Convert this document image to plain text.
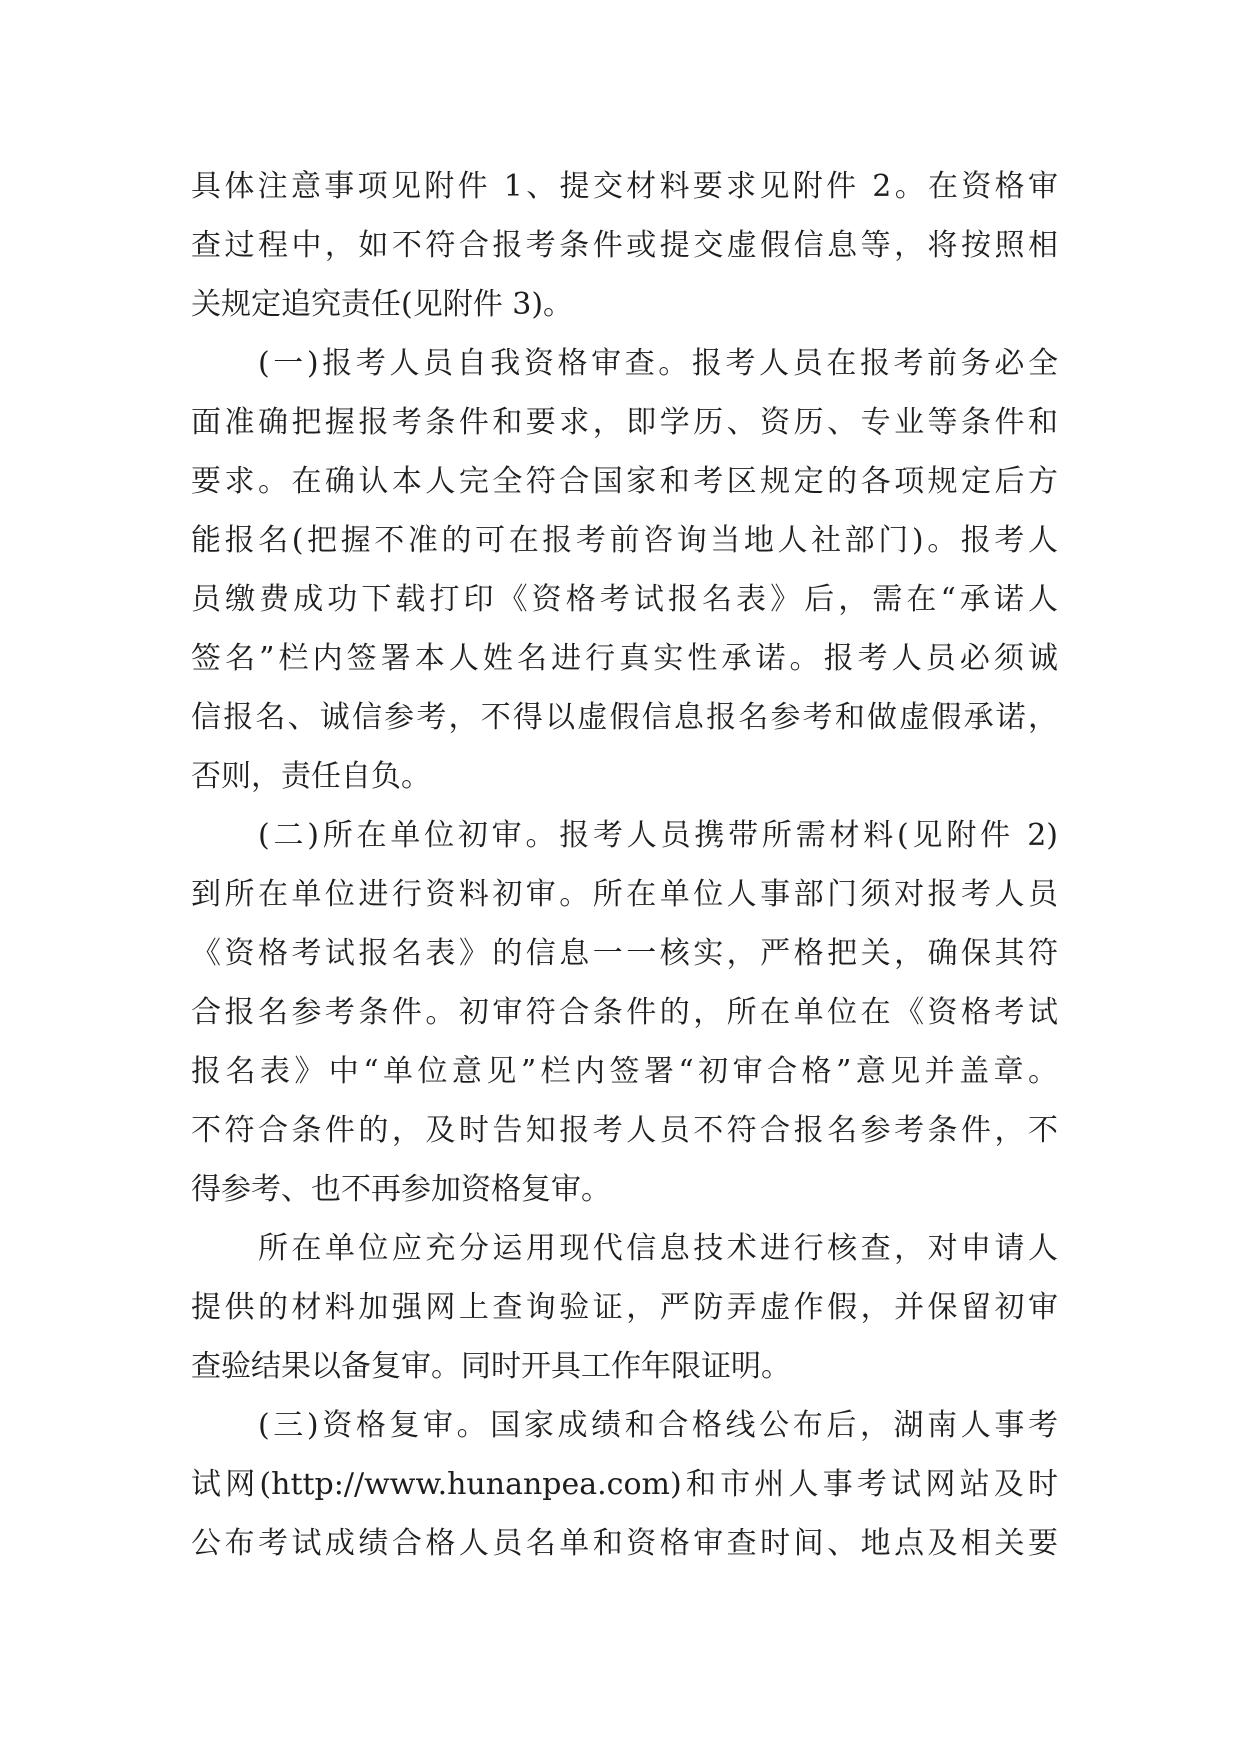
具体注意事项见附件 1、提交材料要求见附件 2。在资格审
查过程中，如不符合报考条件或提交虚假信息等，将按照相
关规定追究责任(见附件 3)。
(一)报考人员自我资格审查。报考人员在报考前务必全
面准确把握报考条件和要求，即学历、资历、专业等条件和
要求。在确认本人完全符合国家和考区规定的各项规定后方
能报名(把握不准的可在报考前咨询当地人社部门)。报考人
员缴费成功下载打印《资格考试报名表》后，需在“承诺人
签名”栏内签署本人姓名进行真实性承诺。报考人员必须诚
信报名、诚信参考，不得以虚假信息报名参考和做虚假承诺，
否则，责任自负。
(二)所在单位初审。报考人员携带所需材料(见附件 2)
到所在单位进行资料初审。所在单位人事部门须对报考人员
《资格考试报名表》的信息一一核实，严格把关，确保其符
合报名参考条件。初审符合条件的，所在单位在《资格考试
报名表》中“单位意见”栏内签署“初审合格”意见并盖章。
不符合条件的，及时告知报考人员不符合报名参考条件，不
得参考、也不再参加资格复审。
所在单位应充分运用现代信息技术进行核查，对申请人
提供的材料加强网上查询验证，严防弄虚作假，并保留初审
查验结果以备复审。同时开具工作年限证明。
(三)资格复审。国家成绩和合格线公布后，湖南人事考
试网(http://www.hunanpea.com)和市州人事考试网站及时
公布考试成绩合格人员名单和资格审查时间、地点及相关要
